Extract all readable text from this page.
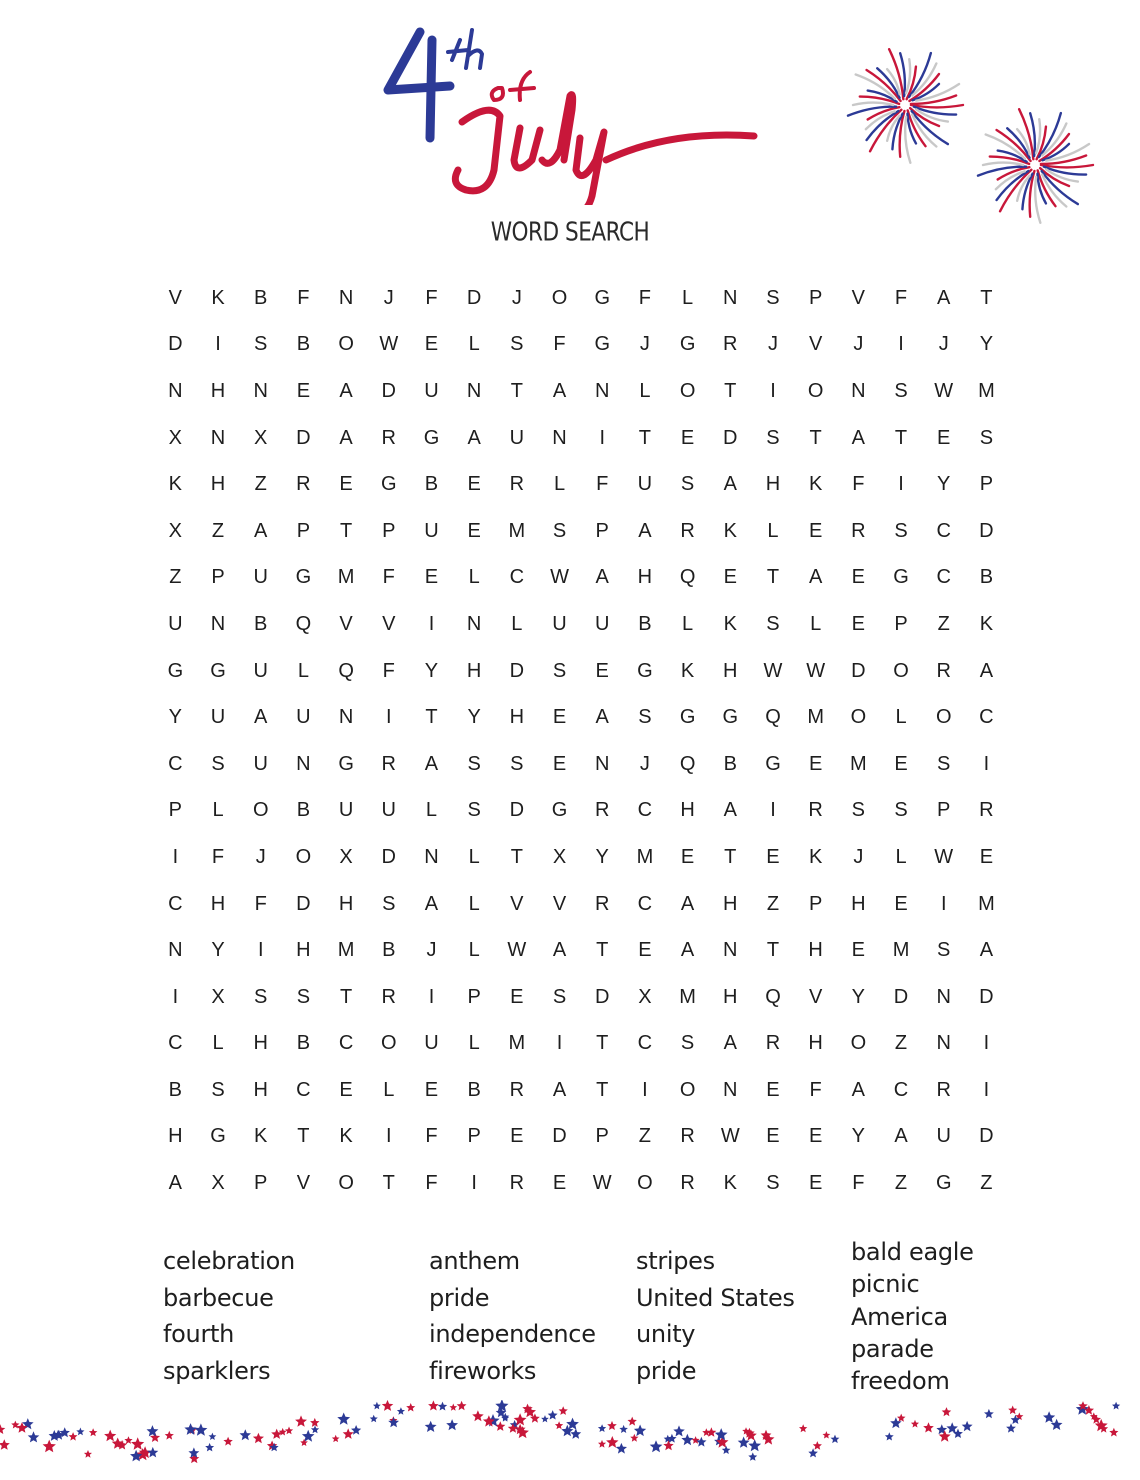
WORD SEARCH
V	K	B	F	N	J	F	D	J	O	G	F	L	N	S	P	V	F	A	T
D	I	S	B	O	W	E	L	S	F	G	J	G	R	J	V	J	I	J	Y
N	H	N	E	A	D	U	N	T	A	N	L	O	T	I	O	N	S	W	M
X	N	X	D	A	R	G	A	U	N	I	T	E	D	S	T	A	T	E	S
K	H	Z	R	E	G	B	E	R	L	F	U	S	A	H	K	F	I	Y	P
X	Z	A	P	T	P	U	E	M	S	P	A	R	K	L	E	R	S	C	D
Z	P	U	G	M	F	E	L	C	W	A	H	Q	E	T	A	E	G	C	B
U	N	B	Q	V	V	I	N	L	U	U	B	L	K	S	L	E	P	Z	K
G	G	U	L	Q	F	Y	H	D	S	E	G	K	H	W	W	D	O	R	A
Y	U	A	U	N	I	T	Y	H	E	A	S	G	G	Q	M	O	L	O	C
C	S	U	N	G	R	A	S	S	E	N	J	Q	B	G	E	M	E	S	I
P	L	O	B	U	U	L	S	D	G	R	C	H	A	I	R	S	S	P	R
I	F	J	O	X	D	N	L	T	X	Y	M	E	T	E	K	J	L	W	E
C	H	F	D	H	S	A	L	V	V	R	C	A	H	Z	P	H	E	I	M
N	Y	I	H	M	B	J	L	W	A	T	E	A	N	T	H	E	M	S	A
I	X	S	S	T	R	I	P	E	S	D	X	M	H	Q	V	Y	D	N	D
C	L	H	B	C	O	U	L	M	I	T	C	S	A	R	H	O	Z	N	I
B	S	H	C	E	L	E	B	R	A	T	I	O	N	E	F	A	C	R	I
H	G	K	T	K	I	F	P	E	D	P	Z	R	W	E	E	Y	A	U	D
A	X	P	V	O	T	F	I	R	E	W	O	R	K	S	E	F	Z	G	Z
celebration
barbecue
fourth
sparklers
anthem
pride
independence
fireworks
stripes
United States
unity
pride
bald eagle
picnic
America
parade
freedom
